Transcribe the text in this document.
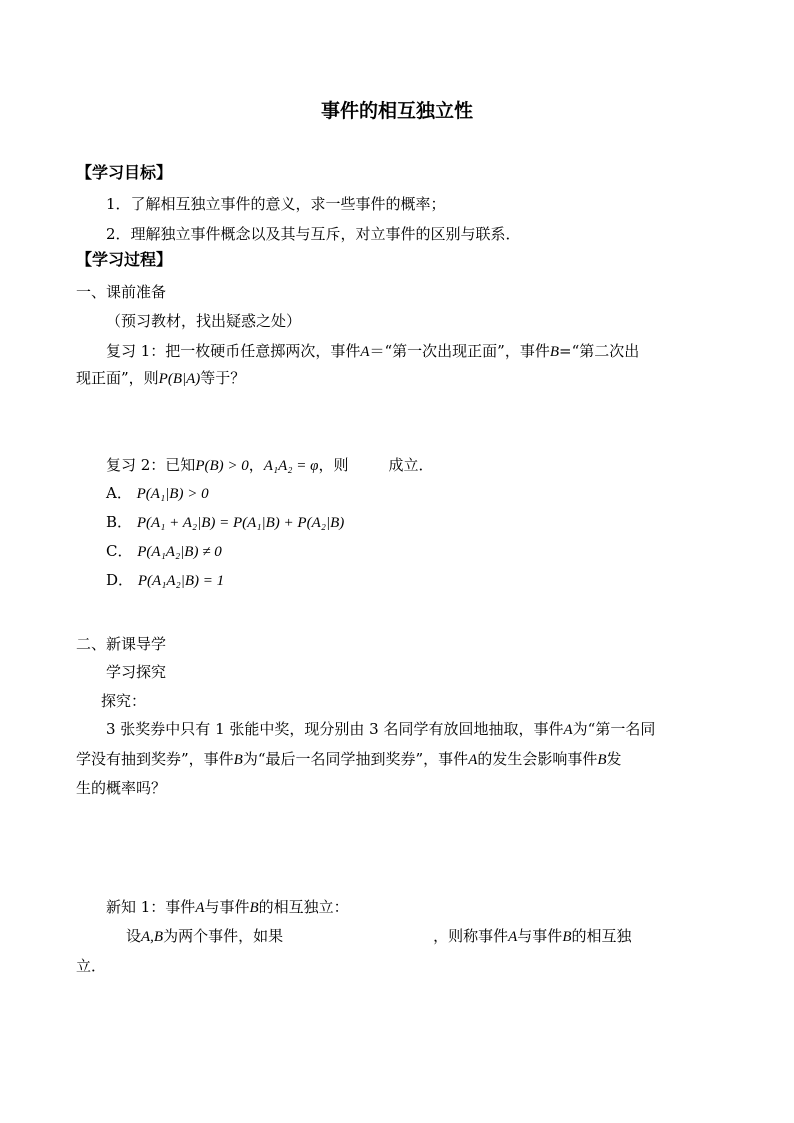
事件的相互独立性
【学习目标】
1．了解相互独立事件的意义，求一些事件的概率；
2．理解独立事件概念以及其与互斥，对立事件的区别与联系．
【学习过程】
一、课前准备
（预习教材，找出疑惑之处）
复习 1：把一枚硬币任意掷两次，事件A＝“第一次出现正面”，事件B=“第二次出
现正面”，则P(B|A)等于？
复习 2：已知P(B) > 0，A₁A₂ = φ，则	成立．
A． P(A₁|B) > 0
B． P(A₁ + A₂|B) = P(A₁|B) + P(A₂|B)
C． P(A₁A₂|B) ≠ 0
D． P(A₁A₂|B) = 1
二、新课导学
学习探究
探究：
3 张奖券中只有 1 张能中奖，现分别由 3 名同学有放回地抽取，事件A为“第一名同
学没有抽到奖券”，事件B为“最后一名同学抽到奖券”，事件A的发生会影响事件B发
生的概率吗？
新知 1：事件A与事件B的相互独立：
设A,B为两个事件，如果	，则称事件A与事件B的相互独
立．
